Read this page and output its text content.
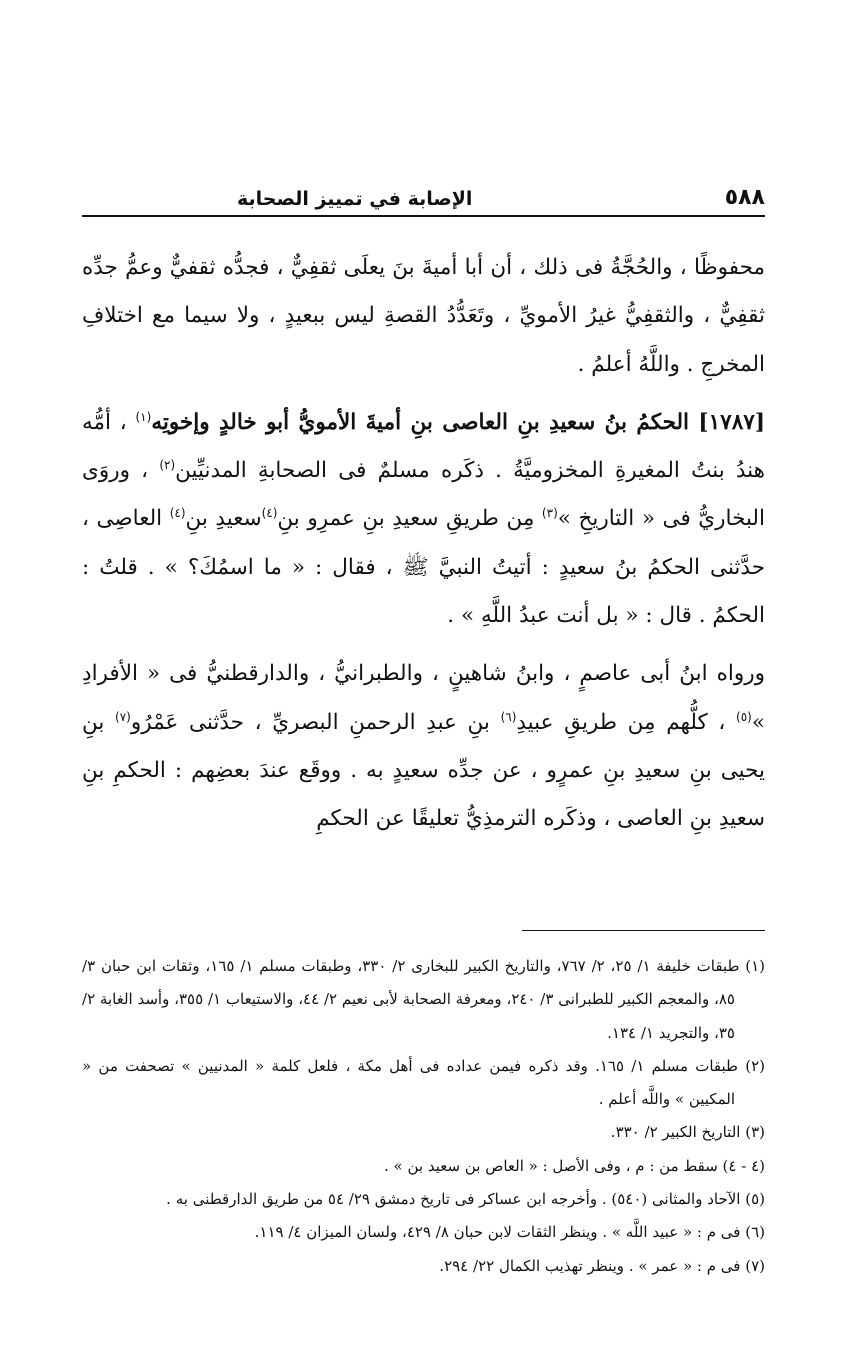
٥٨٨
الإصابة في تمييز الصحابة

محفوظًا ، والحُجَّةُ فى ذلك ، أن أبا أميةَ بنَ يعلَى ثقفِيٌّ ، فجدُّه ثقفيٌّ وعمُّ جدِّه ثقفِيٌّ ، والثقفِيُّ غيرُ الأمويِّ ، وتَعَدُّدُ القصةِ ليس ببعيدٍ ، ولا سيما مع اختلافِ المخرجِ . واللَّهُ أعلمُ .

[١٧٨٧] الحكمُ بنُ سعيدِ بنِ العاصى بنِ أميةَ الأمويُّ أبو خالدٍ وإخوتِه$^{(١)}$ ، أمُّه هندُ بنتُ المغيرةِ المخزوميَّةُ . ذكَره مسلمٌ فى الصحابةِ المدنيِّين$^{(٢)}$ ، وروَى البخاريُّ فى « التاريخِ »$^{(٣)}$ مِن طريقِ سعيدِ بنِ عمرِو بنِ$^{(٤)}$سعيدِ بنِ$^{(٤)}$ العاصِى ، حدَّثنى الحكمُ بنُ سعيدٍ : أتيتُ النبيَّ ﷺ ، فقال : « ما اسمُكَ؟ » . قلتُ : الحكمُ . قال : « بل أنت عبدُ اللَّهِ » .

ورواه ابنُ أبى عاصمٍ ، وابنُ شاهينٍ ، والطبرانيُّ ، والدارقطنيُّ فى « الأفرادِ »$^{(٥)}$ ، كلُّهم مِن طريقِ عبيدِ$^{(٦)}$ بنِ عبدِ الرحمنِ البصريِّ ، حدَّثنى عَمْرُو$^{(٧)}$ بنِ يحيى بنِ سعيدِ بنِ عمرٍو ، عن جدِّه سعيدٍ به . ووقَع عندَ بعضِهم : الحكمِ بنِ سعيدِ بنِ العاصى ، وذكَره الترمذِيُّ تعليقًا عن الحكمِ

(١) طبقات خليفة ١/ ٢٥، ٢/ ٧٦٧، والتاريخ الكبير للبخارى ٢/ ٣٣٠، وطبقات مسلم ١/ ١٦٥، وثقات ابن حبان ٣/ ٨٥، والمعجم الكبير للطبرانى ٣/ ٢٤٠، ومعرفة الصحابة لأبى نعيم ٢/ ٤٤، والاستيعاب ١/ ٣٥٥، وأسد الغابة ٢/ ٣٥، والتجريد ١/ ١٣٤.

(٢) طبقات مسلم ١/ ١٦٥. وقد ذكره فيمن عداده فى أهل مكة ، فلعل كلمة « المدنيين » تصحفت من « المكيين » واللَّه أعلم .

(٣) التاريخ الكبير ٢/ ٣٣٠.

(٤ - ٤) سقط من : م ، وفى الأصل : « العاص بن سعيد بن » .

(٥) الآحاد والمثانى (٥٤٠) . وأخرجه ابن عساكر فى تاريخ دمشق ٢٩/ ٥٤ من طريق الدارقطنى به .

(٦) فى م : « عبيد اللَّه » . وينظر الثقات لابن حبان ٨/ ٤٢٩، ولسان الميزان ٤/ ١١٩.

(٧) فى م : « عمر » . وينظر تهذيب الكمال ٢٢/ ٢٩٤.
